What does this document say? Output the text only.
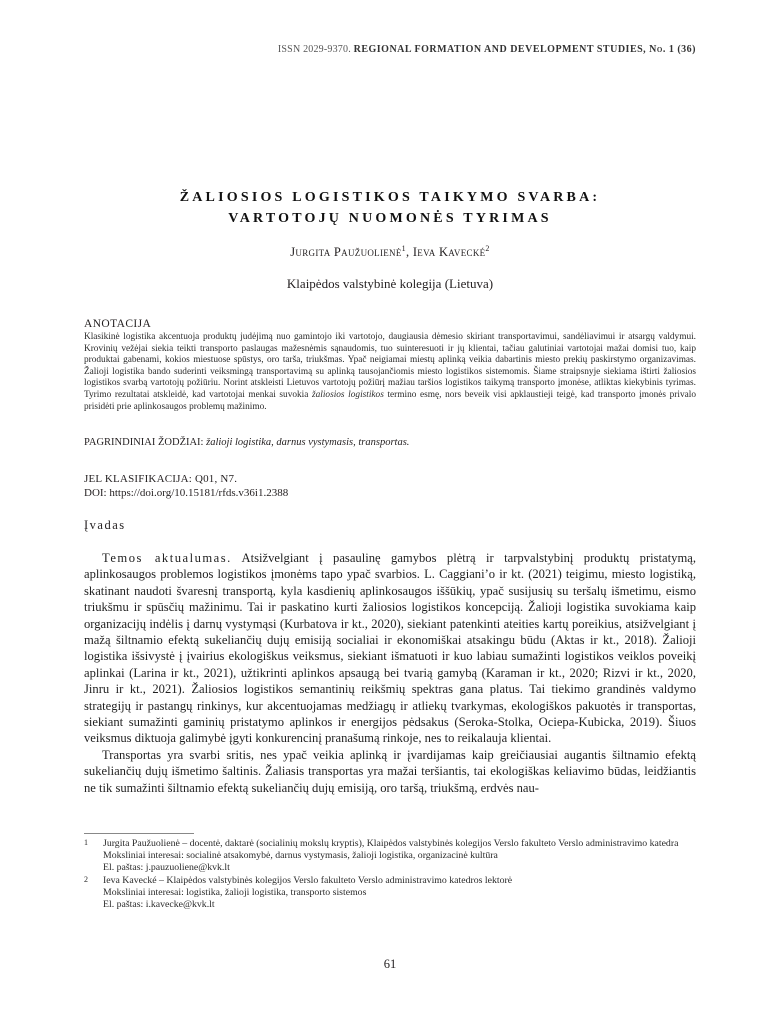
ISSN 2029-9370. REGIONAL FORMATION AND DEVELOPMENT STUDIES, No. 1 (36)
ŽALIOSIOS LOGISTIKOS TAIKYMO SVARBA:
VARTOTOJŲ NUOMONĖS TYRIMAS
Jurgita Paužuolienė$^1$, Ieva Kavecké$^2$
Klaipėdos valstybinė kolegija (Lietuva)
ANOTACIJA
Klasikinė logistika akcentuoja produktų judėjimą nuo gamintojo iki vartotojo, daugiausia dėmesio skiriant transportavimui, sandėliavimui ir atsargų valdymui. Krovinių vežėjai siekia teikti transporto paslaugas mažesnėmis sąnaudomis, tuo suinteresuoti ir jų klientai, tačiau galutiniai vartotojai mažai domisi tuo, kaip produktai gabenami, kokios miestuose spūstys, oro tarša, triukšmas. Ypač neigiamai miestų aplinką veikia dabartinis miesto prekių paskirstymo organizavimas. Žalioji logistika bando suderinti veiksmingą transportavimą su aplinką tausojančiomis miesto logistikos sistemomis. Šiame straipsnyje siekiama ištirti žaliosios logistikos svarbą vartotojų požiūriu. Norint atskleisti Lietuvos vartotojų požiūrį mažiau taršios logistikos taikymą transporto įmonėse, atliktas kiekybinis tyrimas. Tyrimo rezultatai atskleidė, kad vartotojai menkai suvokia žaliosios logistikos termino esmę, nors beveik visi apklaustieji teigė, kad transporto įmonės privalo prisidėti prie aplinkosaugos problemų mažinimo.
PAGRINDINIAI ŽODŽIAI: žalioji logistika, darnus vystymasis, transportas.
JEL KLASIFIKACIJA: Q01, N7.
DOI: https://doi.org/10.15181/rfds.v36i1.2388
Įvadas

Temos aktualumas. Atsižvelgiant į pasaulinę gamybos plėtrą ir tarpvalstybinį produktų pristatymą, aplinkosaugos problemos logistikos įmonėms tapo ypač svarbios. L. Caggiani’o ir kt. (2021) teigimu, miesto logistiką, skatinant naudoti švaresnį transportą, kyla kasdienių aplinkosaugos iššūkių, ypač susijusių su teršalų išmetimu, eismo triukšmu ir spūsčių mažinimu. Tai ir paskatino kurti žaliosios logistikos koncepciją. Žalioji logistika suvokiama kaip organizacijų indėlis į darnų vystymąsi (Kurbatova ir kt., 2020), siekiant patenkinti ateities kartų poreikius, atsižvelgiant į mažą šiltnamio efektą sukeliančių dujų emisiją socialiai ir ekonomiškai atsakingu būdu (Aktas ir kt., 2018). Žalioji logistika išsivystė į įvairius ekologiškus veiksmus, siekiant išmatuoti ir kuo labiau sumažinti logistikos veiklos poveikį aplinkai (Larina ir kt., 2021), užtikrinti aplinkos apsaugą bei tvarią gamybą (Karaman ir kt., 2020; Rizvi ir kt., 2020, Jinru ir kt., 2021). Žaliosios logistikos semantinių reikšmių spektras gana platus. Tai tiekimo grandinės valdymo strategijų ir pastangų rinkinys, kur akcentuojamas medžiagų ir atliekų tvarkymas, ekologiškos pakuotės ir transportas, siekiant sumažinti gaminių pristatymo aplinkos ir energijos pėdsakus (Seroka-Stolka, Ociepa-Kubicka, 2019). Šiuos veiksmus diktuoja galimybė įgyti konkurencinį pranašumą rinkoje, nes to reikalauja klientai.

Transportas yra svarbi sritis, nes ypač veikia aplinką ir įvardijamas kaip greičiausiai augantis šiltnamio efektą sukeliančių dujų išmetimo šaltinis. Žaliasis transportas yra mažai teršiantis, tai ekologiškas keliavimo būdas, leidžiantis ne tik sumažinti šiltnamio efektą sukeliančių dujų emisiją, oro taršą, triukšmą, erdvės nau-

1 Jurgita Paužuolienė – docentė, daktarė (socialinių mokslų kryptis), Klaipėdos valstybinės kolegijos Verslo fakulteto Verslo administravimo katedra
Moksliniai interesai: socialinė atsakomybė, darnus vystymasis, žalioji logistika, organizacinė kultūra
El. paštas: j.pauzuoliene@kvk.lt
2 Ieva Kavecké – Klaipėdos valstybinės kolegijos Verslo fakulteto Verslo administravimo katedros lektorė
Moksliniai interesai: logistika, žalioji logistika, transporto sistemos
El. paštas: i.kavecke@kvk.lt
61
